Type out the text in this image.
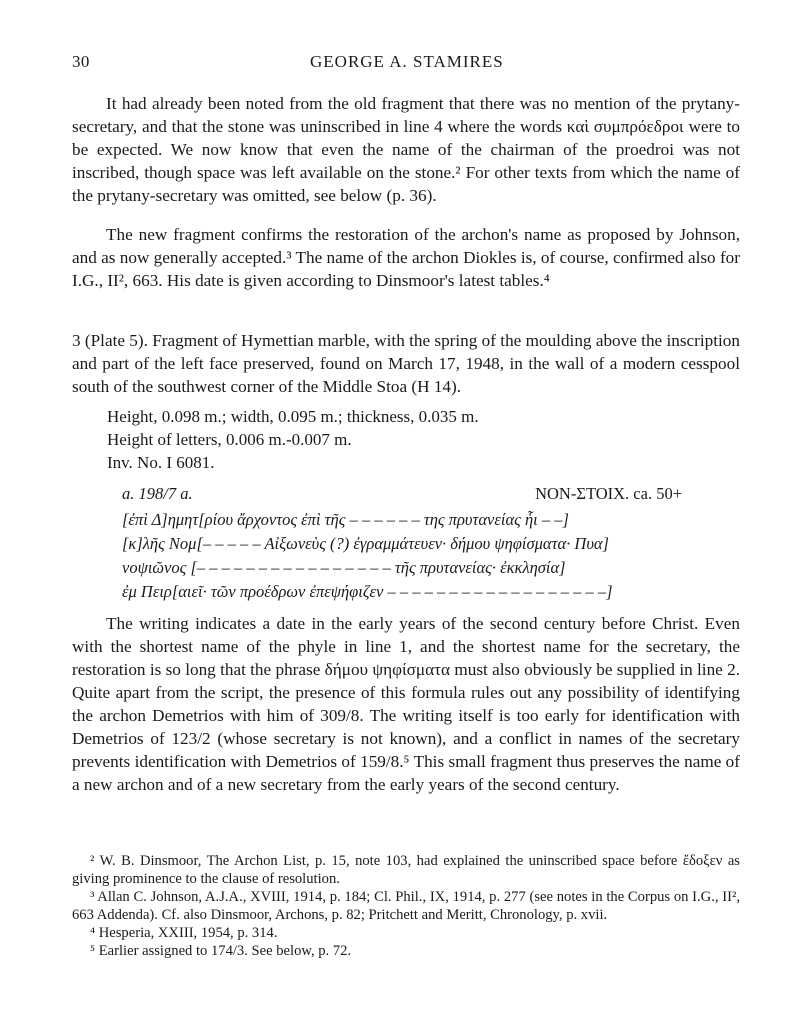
30	GEORGE A. STAMIRES

It had already been noted from the old fragment that there was no mention of the prytany-secretary, and that the stone was uninscribed in line 4 where the words καὶ συμπρόεδροι were to be expected. We now know that even the name of the chairman of the proedroi was not inscribed, though space was left available on the stone.² For other texts from which the name of the prytany-secretary was omitted, see below (p. 36).

The new fragment confirms the restoration of the archon's name as proposed by Johnson, and as now generally accepted.³ The name of the archon Diokles is, of course, confirmed also for I.G., II², 663. His date is given according to Dinsmoor's latest tables.⁴

3 (Plate 5). Fragment of Hymettian marble, with the spring of the moulding above the inscription and part of the left face preserved, found on March 17, 1948, in the wall of a modern cesspool south of the southwest corner of the Middle Stoa (H 14).

Height, 0.098 m.; width, 0.095 m.; thickness, 0.035 m.
Height of letters, 0.006 m.-0.007 m.
Inv. No. I 6081.
a. 198/7 a.	NON-ΣΤΟΙΧ. ca. 50+
[ἐπὶ Δ]ημητ[ρίου ἄρχοντος ἐπὶ τῆς – – – – – – της πρυτανείας ἧι – –]
[κ]λῆς Νομ[– – – – – Αἰξωνεὺς (?) ἐγραμμάτευεν· δήμου ψηφίσματα· Πυα]
νοψιῶνος [– – – – – – – – – – – – – – – – τῆς πρυτανείας· ἐκκλησία]
ἐμ Πειρ[αιεῖ· τῶν προέδρων ἐπεψήφιζεν – – – – – – – – – – – – – – – – – –]

The writing indicates a date in the early years of the second century before Christ. Even with the shortest name of the phyle in line 1, and the shortest name for the secretary, the restoration is so long that the phrase δήμου ψηφίσματα must also obviously be supplied in line 2. Quite apart from the script, the presence of this formula rules out any possibility of identifying the archon Demetrios with him of 309/8. The writing itself is too early for identification with Demetrios of 123/2 (whose secretary is not known), and a conflict in names of the secretary prevents identification with Demetrios of 159/8.⁵ This small fragment thus preserves the name of a new archon and of a new secretary from the early years of the second century.

² W. B. Dinsmoor, The Archon List, p. 15, note 103, had explained the uninscribed space before ἔδοξεν as giving prominence to the clause of resolution.

³ Allan C. Johnson, A.J.A., XVIII, 1914, p. 184; Cl. Phil., IX, 1914, p. 277 (see notes in the Corpus on I.G., II², 663 Addenda). Cf. also Dinsmoor, Archons, p. 82; Pritchett and Meritt, Chronology, p. xvii.

⁴ Hesperia, XXIII, 1954, p. 314.

⁵ Earlier assigned to 174/3. See below, p. 72.
